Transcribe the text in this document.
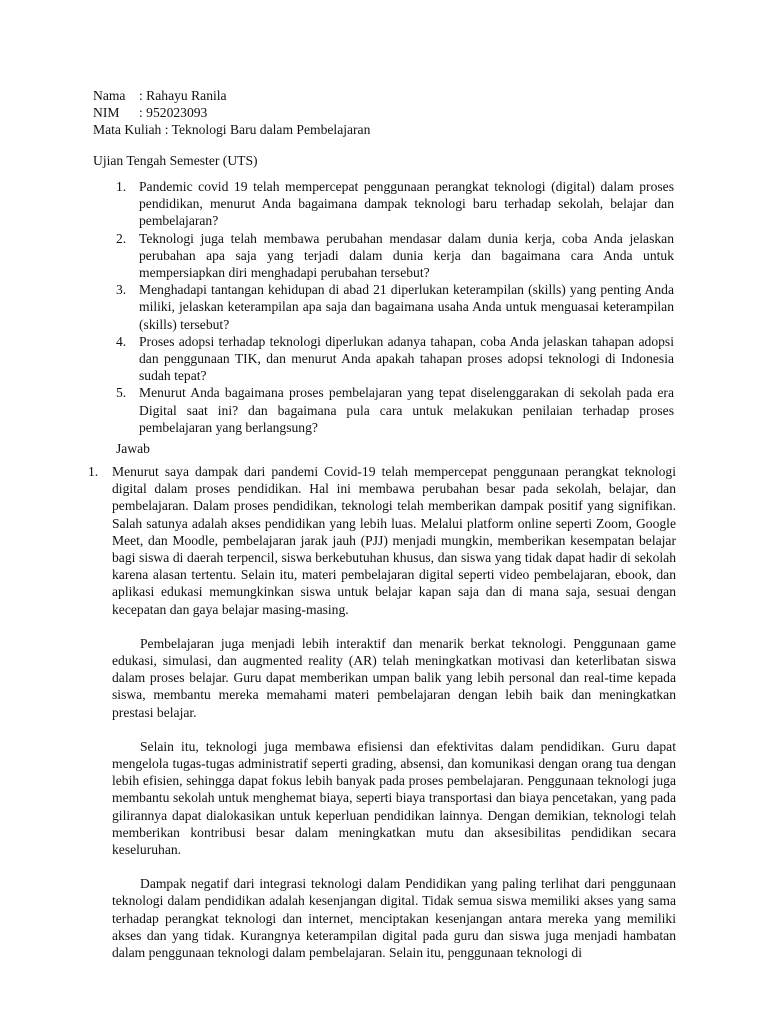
Nama : Rahayu Ranila
NIM	: 952023093
Mata Kuliah : Teknologi Baru dalam Pembelajaran
Ujian Tengah Semester (UTS)
1. Pandemic covid 19 telah mempercepat penggunaan perangkat teknologi (digital) dalam proses pendidikan, menurut Anda bagaimana dampak teknologi baru terhadap sekolah, belajar dan pembelajaran?
2. Teknologi juga telah membawa perubahan mendasar dalam dunia kerja, coba Anda jelaskan perubahan apa saja yang terjadi dalam dunia kerja dan bagaimana cara Anda untuk mempersiapkan diri menghadapi perubahan tersebut?
3. Menghadapi tantangan kehidupan di abad 21 diperlukan keterampilan (skills) yang penting Anda miliki, jelaskan keterampilan apa saja dan bagaimana usaha Anda untuk menguasai keterampilan (skills) tersebut?
4. Proses adopsi terhadap teknologi diperlukan adanya tahapan, coba Anda jelaskan tahapan adopsi dan penggunaan TIK, dan menurut Anda apakah tahapan proses adopsi teknologi di Indonesia sudah tepat?
5. Menurut Anda bagaimana proses pembelajaran yang tepat diselenggarakan di sekolah pada era Digital saat ini? dan bagaimana pula cara untuk melakukan penilaian terhadap proses pembelajaran yang berlangsung?
Jawab
1.	Menurut saya dampak dari pandemi Covid-19 telah mempercepat penggunaan perangkat teknologi digital dalam proses pendidikan. Hal ini membawa perubahan besar pada sekolah, belajar, dan pembelajaran. Dalam proses pendidikan, teknologi telah memberikan dampak positif yang signifikan. Salah satunya adalah akses pendidikan yang lebih luas. Melalui platform online seperti Zoom, Google Meet, dan Moodle, pembelajaran jarak jauh (PJJ) menjadi mungkin, memberikan kesempatan belajar bagi siswa di daerah terpencil, siswa berkebutuhan khusus, dan siswa yang tidak dapat hadir di sekolah karena alasan tertentu. Selain itu, materi pembelajaran digital seperti video pembelajaran, ebook, dan aplikasi edukasi memungkinkan siswa untuk belajar kapan saja dan di mana saja, sesuai dengan kecepatan dan gaya belajar masing-masing.

Pembelajaran juga menjadi lebih interaktif dan menarik berkat teknologi. Penggunaan game edukasi, simulasi, dan augmented reality (AR) telah meningkatkan motivasi dan keterlibatan siswa dalam proses belajar. Guru dapat memberikan umpan balik yang lebih personal dan real-time kepada siswa, membantu mereka memahami materi pembelajaran dengan lebih baik dan meningkatkan prestasi belajar.

Selain itu, teknologi juga membawa efisiensi dan efektivitas dalam pendidikan. Guru dapat mengelola tugas-tugas administratif seperti grading, absensi, dan komunikasi dengan orang tua dengan lebih efisien, sehingga dapat fokus lebih banyak pada proses pembelajaran. Penggunaan teknologi juga membantu sekolah untuk menghemat biaya, seperti biaya transportasi dan biaya pencetakan, yang pada gilirannya dapat dialokasikan untuk keperluan pendidikan lainnya. Dengan demikian, teknologi telah memberikan kontribusi besar dalam meningkatkan mutu dan aksesibilitas pendidikan secara keseluruhan.

Dampak negatif dari integrasi teknologi dalam Pendidikan yang paling terlihat dari penggunaan teknologi dalam pendidikan adalah kesenjangan digital. Tidak semua siswa memiliki akses yang sama terhadap perangkat teknologi dan internet, menciptakan kesenjangan antara mereka yang memiliki akses dan yang tidak. Kurangnya keterampilan digital pada guru dan siswa juga menjadi hambatan dalam penggunaan teknologi dalam pembelajaran. Selain itu, penggunaan teknologi di
